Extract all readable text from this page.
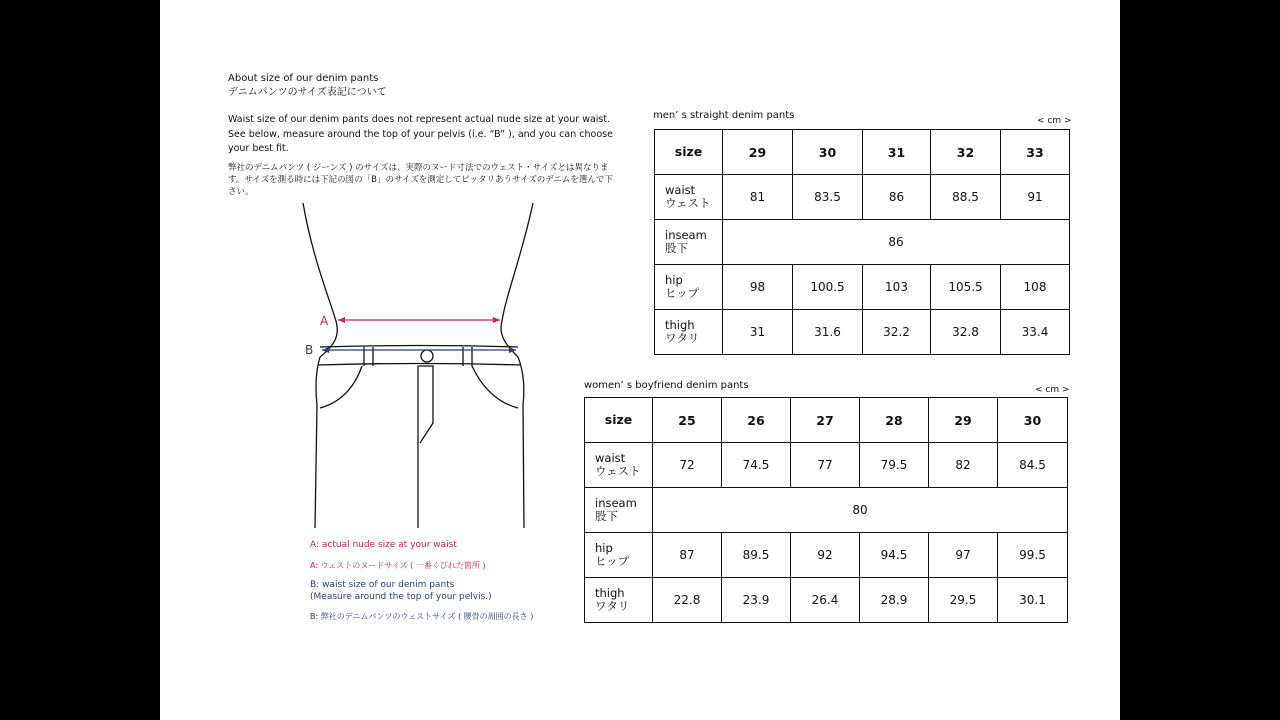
About size of our denim pants
デニムパンツのサイズ表記について
Waist size of our denim pants does not represent actual nude size at your waist. See below, measure around the top of your pelvis (i.e. “B” ), and you can choose your best fit.
弊社のデニムパンツ ( ジーンズ ) のサイズは、実際のヌード寸法でのウェスト・サイズとは異なります。サイズを測る時には下記の図の「B」のサイズを測定してピッタリあうサイズのデニムを選んで下さい。
A
B
A: actual nude size at your waist
A: ウェストのヌードサイズ ( 一番くびれた箇所 )
B: waist size of our denim pants
(Measure around the top of your pelvis.)
B: 弊社のデニムパンツのウェストサイズ ( 腰骨の周囲の長さ )
men’ s straight denim pants	< cm >
size	29	30	31	32	33
waist
ウェスト	81	83.5	86	88.5	91
inseam
股下	86				
hip
ヒップ	98	100.5	103	105.5	108
thigh
ワタリ	31	31.6	32.2	32.8	33.4
women’ s boyfriend denim pants	< cm >
size	25	26	27	28	29	30
waist
ウェスト	72	74.5	77	79.5	82	84.5
inseam
股下	80					
hip
ヒップ	87	89.5	92	94.5	97	99.5
thigh
ワタリ	22.8	23.9	26.4	28.9	29.5	30.1
